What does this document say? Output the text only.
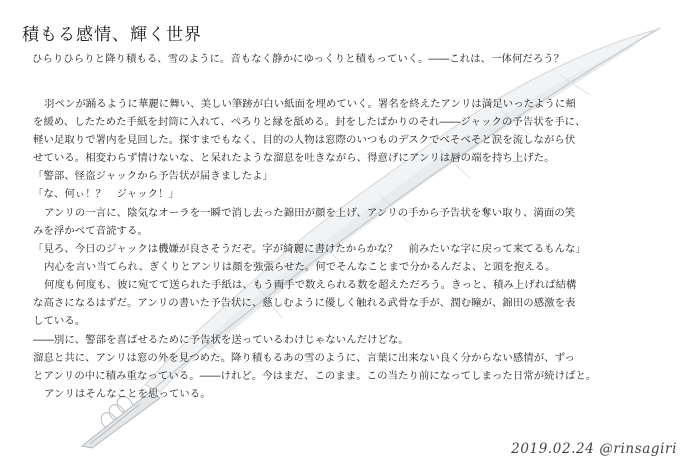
積もる感情、輝く世界
ひらりひらりと降り積もる、雪のように。音もなく静かにゆっくりと積もっていく。――これは、一体何だろう？
羽ペンが踊るように華麗に舞い、美しい筆跡が白い紙面を埋めていく。署名を終えたアンリは満足いったように頬
を緩め、したためた手紙を封筒に入れて、ぺろりと縁を舐める。封をしたばかりのそれ――ジャックの予告状を手に、
軽い足取りで署内を見回した。探すまでもなく、目的の人物は窓際のいつものデスクでべそべそと涙を流しながら伏
せている。相変わらず情けないな、と呆れたような溜息を吐きながら、得意げにアンリは唇の端を持ち上げた。
「警部、怪盗ジャックから予告状が届きましたよ」
「な、何ぃ！？　ジャック！」
アンリの一言に、陰気なオーラを一瞬で消し去った錦田が顔を上げ、アンリの手から予告状を奪い取り、満面の笑
みを浮かべて音読する。
「見ろ、今日のジャックは機嫌が良さそうだぞ。字が綺麗に書けたからかな？　前みたいな字に戻って来てるもんな」
内心を言い当てられ、ぎくりとアンリは顔を強張らせた。何でそんなことまで分かるんだよ、と頭を抱える。
何度も何度も、彼に宛てて送られた手紙は、もう両手で数えられる数を超えただろう。きっと、積み上げれば結構
な高さになるはずだ。アンリの書いた予告状に、慈しむように優しく触れる武骨な手が、潤む瞳が、錦田の感激を表
している。
――別に、警部を喜ばせるために予告状を送っているわけじゃないんだけどな。
溜息と共に、アンリは窓の外を見つめた。降り積もるあの雪のように、言葉に出来ない良く分からない感情が、ずっ
とアンリの中に積み重なっている。――けれど。今はまだ、このまま。この当たり前になってしまった日常が続けばと。
アンリはそんなことを思っている。
2019.02.24 @rinsagiri
